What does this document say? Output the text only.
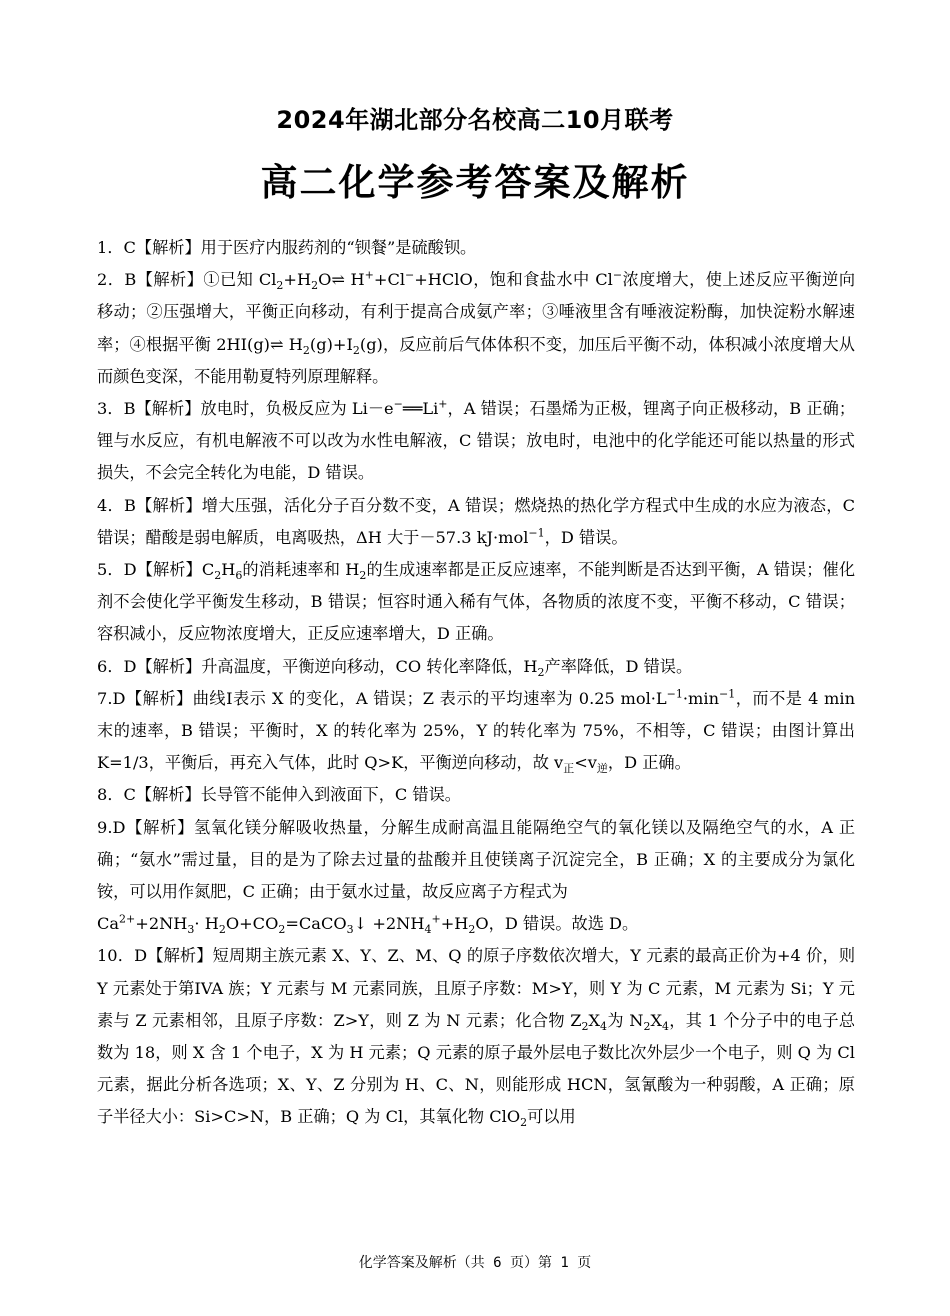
2024年湖北部分名校高二10月联考
高二化学参考答案及解析

1．C【解析】用于医疗内服药剂的“钡餐”是硫酸钡。

2．B【解析】①已知 $Cl_2+H_2O\rightleftharpoons$ H++Cl−+HClO，饱和食盐水中 Cl−浓度增大，使上述反应平衡逆向移动；②压强增大，平衡正向移动，有利于提高合成氨产率；③唾液里含有唾液淀粉酶，加快淀粉水解速率；④根据平衡 2HI(g)⇌ $H_2(g)+I_2(g)$，反应前后气体体积不变，加压后平衡不动，体积减小浓度增大从而颜色变深，不能用勒夏特列原理解释。

3．B【解析】放电时，负极反应为 Li－e−══Li+，A 错误；石墨烯为正极，锂离子向正极移动，B 正确；锂与水反应，有机电解液不可以改为水性电解液，C 错误；放电时，电池中的化学能还可能以热量的形式损失，不会完全转化为电能，D 错误。

4．B【解析】增大压强，活化分子百分数不变，A 错误；燃烧热的热化学方程式中生成的水应为液态，C 错误；醋酸是弱电解质，电离吸热，ΔH 大于－57.3 kJ·mol$^{-1}$，D 错误。

5．D【解析】$C_2H_6$的消耗速率和 $H_2$的生成速率都是正反应速率，不能判断是否达到平衡，A 错误；催化剂不会使化学平衡发生移动，B 错误；恒容时通入稀有气体，各物质的浓度不变，平衡不移动，C 错误；容积减小，反应物浓度增大，正反应速率增大，D 正确。

6．D【解析】升高温度，平衡逆向移动，CO 转化率降低，$H_2$产率降低，D 错误。

7.D【解析】曲线I表示 X 的变化，A 错误；Z 表示的平均速率为 0.25 $mol\cdot L^{-1}\cdot\min^{-1}$，而不是 4 min 末的速率，B 错误；平衡时，X 的转化率为 25%，Y 的转化率为 75%，不相等，C 错误；由图计算出 K=1/3，平衡后，再充入气体，此时 Q>K，平衡逆向移动，故 $v_正<v_逆$，D 正确。

8．C【解析】长导管不能伸入到液面下，C 错误。

9.D【解析】氢氧化镁分解吸收热量，分解生成耐高温且能隔绝空气的氧化镁以及隔绝空气的水，A 正确；“氨水”需过量，目的是为了除去过量的盐酸并且使镁离子沉淀完全，B 正确；X 的主要成分为氯化铵，可以用作氮肥，C 正确；由于氨水过量，故反应离子方程式为
$Ca^{2+}+2NH_3\cdot$ $H_2O+CO_2=CaCO_3↓ +2NH_4^++H_2O$，D 错误。故选 D。

10．D【解析】短周期主族元素 X、Y、Z、M、Q 的原子序数依次增大，Y 元素的最高正价为+4 价，则 Y 元素处于第IVA 族；Y 元素与 M 元素同族，且原子序数：M>Y，则 Y 为 C 元素，M 元素为 Si；Y 元素与 Z 元素相邻，且原子序数：Z>Y，则 Z 为 N 元素；化合物 $Z_2X_4$为 $N_2X_4$，其 1 个分子中的电子总数为 18，则 X 含 1 个电子，X 为 H 元素；Q 元素的原子最外层电子数比次外层少一个电子，则 Q 为 Cl 元素，据此分析各选项；X、Y、Z 分别为 H、C、N，则能形成 HCN，氢氰酸为一种弱酸，A 正确；原子半径大小：Si>C>N，B 正确；Q 为 Cl，其氧化物 ClO$_2$可以用

化学答案及解析（共 6 页）第 1 页
